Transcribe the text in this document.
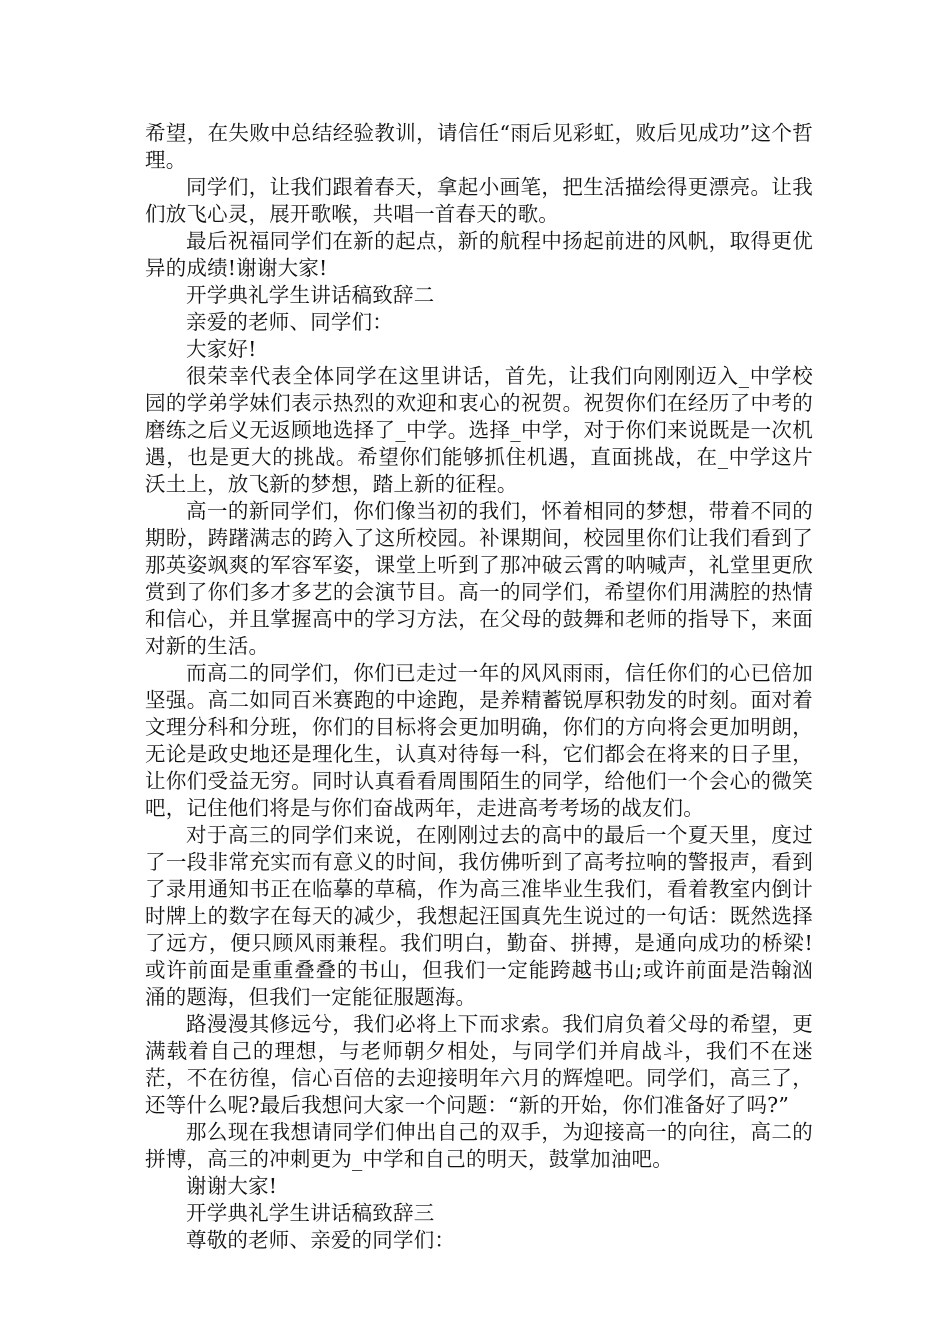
希望，在失败中总结经验教训，请信任“雨后见彩虹，败后见成功”这个哲理。

同学们，让我们跟着春天，拿起小画笔，把生活描绘得更漂亮。让我们放飞心灵，展开歌喉，共唱一首春天的歌。

最后祝福同学们在新的起点，新的航程中扬起前进的风帆，取得更优异的成绩!谢谢大家!

开学典礼学生讲话稿致辞二

亲爱的老师、同学们：

大家好!

很荣幸代表全体同学在这里讲话，首先，让我们向刚刚迈入_中学校园的学弟学妹们表示热烈的欢迎和衷心的祝贺。祝贺你们在经历了中考的磨练之后义无返顾地选择了_中学。选择_中学，对于你们来说既是一次机遇，也是更大的挑战。希望你们能够抓住机遇，直面挑战，在_中学这片沃土上，放飞新的梦想，踏上新的征程。

高一的新同学们，你们像当初的我们，怀着相同的梦想，带着不同的期盼，踌躇满志的跨入了这所校园。补课期间，校园里你们让我们看到了那英姿飒爽的军容军姿，课堂上听到了那冲破云霄的呐喊声，礼堂里更欣赏到了你们多才多艺的会演节目。高一的同学们，希望你们用满腔的热情和信心，并且掌握高中的学习方法，在父母的鼓舞和老师的指导下，来面对新的生活。

而高二的同学们，你们已走过一年的风风雨雨，信任你们的心已倍加坚强。高二如同百米赛跑的中途跑，是养精蓄锐厚积勃发的时刻。面对着文理分科和分班，你们的目标将会更加明确，你们的方向将会更加明朗，无论是政史地还是理化生，认真对待每一科，它们都会在将来的日子里，让你们受益无穷。同时认真看看周围陌生的同学，给他们一个会心的微笑吧，记住他们将是与你们奋战两年，走进高考考场的战友们。

对于高三的同学们来说，在刚刚过去的高中的最后一个夏天里，度过了一段非常充实而有意义的时间，我仿佛听到了高考拉响的警报声，看到了录用通知书正在临摹的草稿，作为高三准毕业生我们，看着教室内倒计时牌上的数字在每天的减少，我想起汪国真先生说过的一句话：既然选择了远方，便只顾风雨兼程。我们明白，勤奋、拼搏，是通向成功的桥梁!或许前面是重重叠叠的书山，但我们一定能跨越书山;或许前面是浩翰汹涌的题海，但我们一定能征服题海。

路漫漫其修远兮，我们必将上下而求索。我们肩负着父母的希望，更满载着自己的理想，与老师朝夕相处，与同学们并肩战斗，我们不在迷茫，不在彷徨，信心百倍的去迎接明年六月的辉煌吧。同学们，高三了，还等什么呢?最后我想问大家一个问题：“新的开始，你们准备好了吗?”

那么现在我想请同学们伸出自己的双手，为迎接高一的向往，高二的拼博，高三的冲刺更为_中学和自己的明天，鼓掌加油吧。

谢谢大家!

开学典礼学生讲话稿致辞三

尊敬的老师、亲爱的同学们：
